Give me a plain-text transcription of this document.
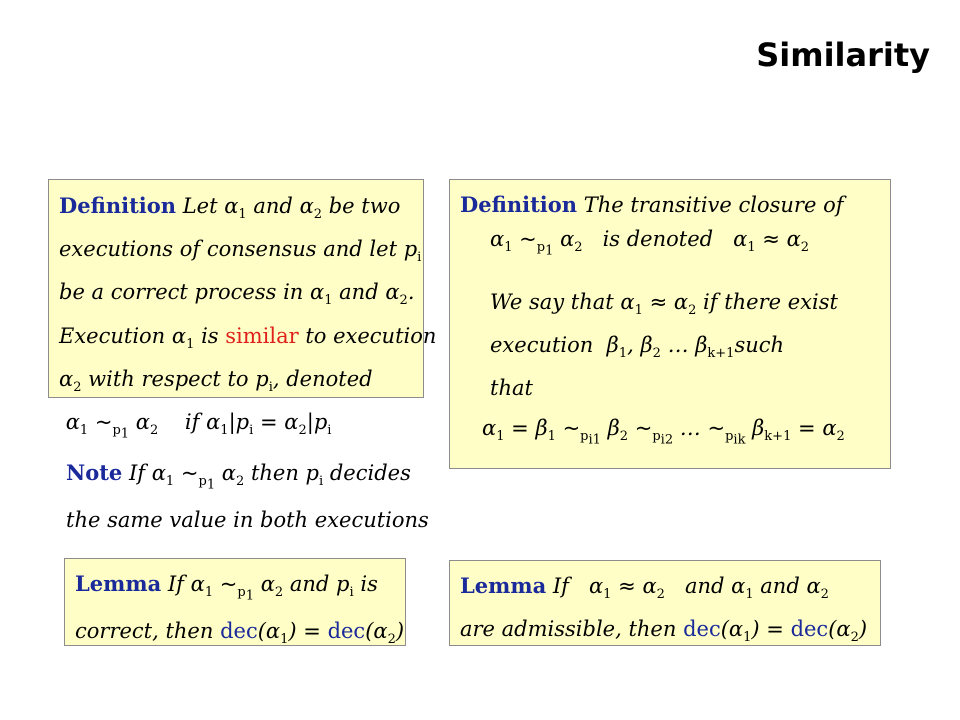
Similarity
Definition Let $\alpha_1$ and $\alpha_2$ be two
executions of consensus and let $p_i$
be a correct process in $\alpha_1$ and $\alpha_2$.
Execution $\alpha_1$ is similar to execution
$\alpha_2$ with respect to $p_i$, denoted
$\alpha_1$ $\sim_{p_1}$ $\alpha_2$ if $\alpha_1|p_i = \alpha_2|p_i$
Definition The transitive closure of
$\alpha_1$ $\sim_{p_1}$ $\alpha_2$ is denoted $\alpha_1 \approx \alpha_2$
We say that $\alpha_1 \approx \alpha_2$ if there exist
execution $\beta_1$, $\beta_2$ … $\beta_{k+1}such$
that
$\alpha_1 = \beta_1$ $\sim_{p_{i1}}$ $\beta_2$ $\sim_{p_{i2}}$ … $\sim_{p_{ik}}$ $\beta_{k+1} = \alpha_2$
Note If $\alpha_1$ $\sim_{p_1}$ $\alpha_2$ then $p_i$ decides
the same value in both executions
Lemma If $\alpha_1$ $\sim_{p_1}$ $\alpha_2$ and $p_i$ is
correct, then $dec(\alpha_1) = dec(\alpha_2)$
Lemma If $\alpha_1 \approx \alpha_2$ and $\alpha_1$ and $\alpha_2$
are admissible, then $dec(\alpha_1) = dec(\alpha_2)$
